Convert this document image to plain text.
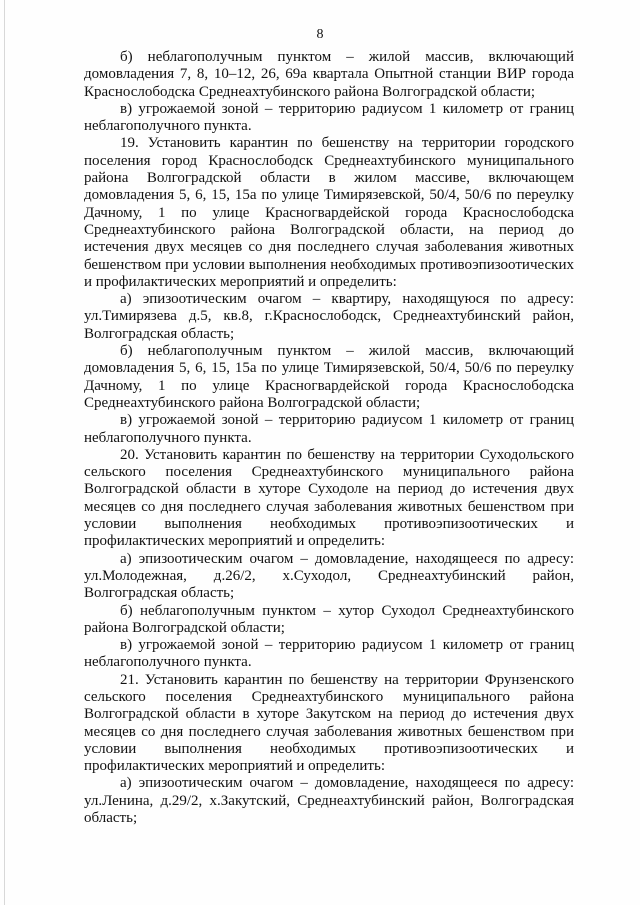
8

б) неблагополучным пунктом – жилой массив, включающий домовладения 7, 8, 10–12, 26, 69а квартала Опытной станции ВИР города Краснослободска Среднеахтубинского района Волгоградской области;

в) угрожаемой зоной – территорию радиусом 1 километр от границ неблагополучного пункта.

19. Установить карантин по бешенству на территории городского поселения город Краснослободск Среднеахтубинского муниципального района Волгоградской области в жилом массиве, включающем домовладения 5, 6, 15, 15а по улице Тимирязевской, 50/4, 50/6 по переулку Дачному, 1 по улице Красногвардейской города Краснослободска Среднеахтубинского района Волгоградской области, на период до истечения двух месяцев со дня последнего случая заболевания животных бешенством при условии выполнения необходимых противоэпизоотических и профилактических мероприятий и определить:

а) эпизоотическим очагом – квартиру, находящуюся по адресу: ул.Тимирязева д.5, кв.8, г.Краснослободск, Среднеахтубинский район, Волгоградская область;

б) неблагополучным пунктом – жилой массив, включающий домовладения 5, 6, 15, 15а по улице Тимирязевской, 50/4, 50/6 по переулку Дачному, 1 по улице Красногвардейской города Краснослободска Среднеахтубинского района Волгоградской области;

в) угрожаемой зоной – территорию радиусом 1 километр от границ неблагополучного пункта.

20. Установить карантин по бешенству на территории Суходольского сельского поселения Среднеахтубинского муниципального района Волгоградской области в хуторе Суходоле на период до истечения двух месяцев со дня последнего случая заболевания животных бешенством при условии выполнения необходимых противоэпизоотических и профилактических мероприятий и определить:

а) эпизоотическим очагом – домовладение, находящееся по адресу: ул.Молодежная, д.26/2, х.Суходол, Среднеахтубинский район, Волгоградская область;

б) неблагополучным пунктом – хутор Суходол Среднеахтубинского района Волгоградской области;

в) угрожаемой зоной – территорию радиусом 1 километр от границ неблагополучного пункта.

21. Установить карантин по бешенству на территории Фрунзенского сельского поселения Среднеахтубинского муниципального района Волгоградской области в хуторе Закутском на период до истечения двух месяцев со дня последнего случая заболевания животных бешенством при условии выполнения необходимых противоэпизоотических и профилактических мероприятий и определить:

а) эпизоотическим очагом – домовладение, находящееся по адресу: ул.Ленина, д.29/2, х.Закутский, Среднеахтубинский район, Волгоградская область;
